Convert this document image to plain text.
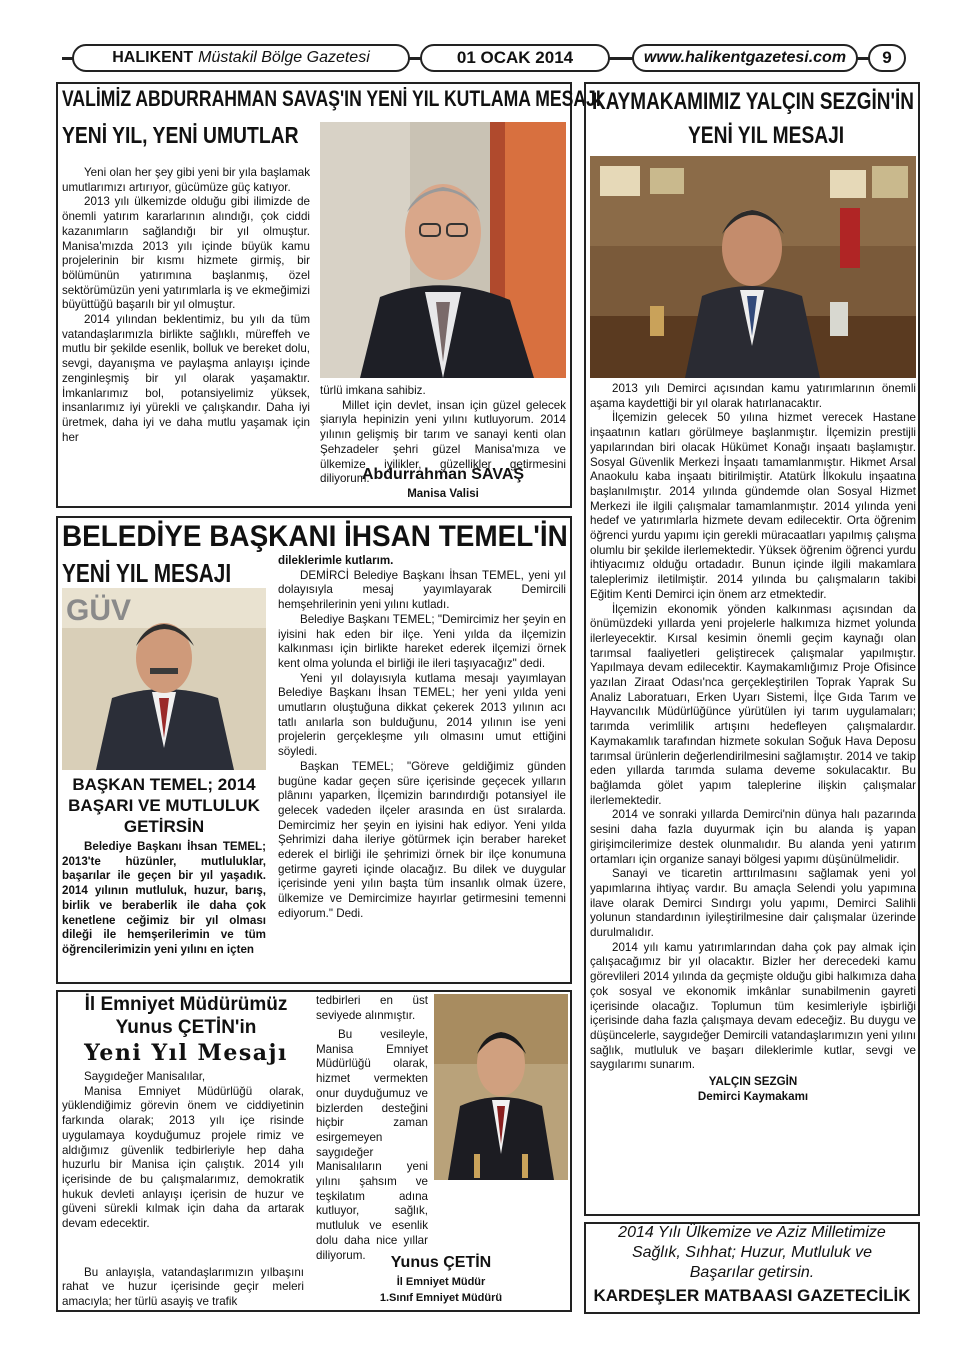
HALIKENT Müstakil Bölge Gazetesi	01 OCAK 2014	www.halikentgazetesi.com	9
VALİMİZ ABDURRAHMAN SAVAŞ'IN YENİ YIL KUTLAMA MESAJI
YENİ YIL, YENİ UMUTLAR
Yeni olan her şey gibi yeni bir yıla başlamak umutlarımızı artırıyor, gücümüze güç katıyor.
2013 yılı ülkemizde olduğu gibi ilimizde de önemli yatırım kararlarının alındığı, çok ciddi kazanımların sağlandığı bir yıl olmuştur. Manisa'mızda 2013 yılı içinde büyük kamu projelerinin bir kısmı hizmete girmiş, bir bölümünün yatırımına başlanmış, özel sektörümüzün yeni yatırımlarla iş ve ekmeğimizi büyüttüğü başarılı bir yıl olmuştur.
2014 yılından beklentimiz, bu yılı da tüm vatandaşlarımızla birlikte sağlıklı, müreffeh ve mutlu bir şekilde esenlik, bolluk ve bereket dolu, sevgi, dayanışma ve paylaşma anlayışı içinde zenginleşmiş bir yıl olarak yaşamaktır. İmkanlarımız bol, potansiyelimiz yüksek, insanlarımız iyi yürekli ve çalışkandır. Daha iyi üretmek, daha iyi ve daha mutlu yaşamak için her
türlü imkana sahibiz.
Millet için devlet, insan için güzel gelecek şiarıyla hepinizin yeni yılını kutluyorum. 2014 yılının gelişmiş bir tarım ve sanayi kenti olan Şehzadeler şehri güzel Manisa'mıza ve ülkemize iyilikler, güzellikler getirmesini diliyorum.
Abdurrahman SAVAŞ
Manisa Valisi
KAYMAKAMIMIZ YALÇIN SEZGİN'İN
YENİ YIL MESAJI
2013 yılı Demirci açısından kamu yatırımlarının önemli aşama kaydettiği bir yıl olarak hatırlanacaktır.
İlçemizin gelecek 50 yılına hizmet verecek Hastane inşaatının katları görülmeye başlanmıştır. İlçemizin prestijli yapılarından biri olacak Hükümet Konağı inşaatı başlamıştır. Sosyal Güvenlik Merkezi İnşaatı tamamlanmıştır. Hikmet Arsal Anaokulu kaba inşaatı bitirilmiştir. Atatürk İlkokulu inşaatına başlanılmıştır. 2014 yılında gündemde olan Sosyal Hizmet Merkezi ile ilgili çalışmalar tamamlanmıştır. 2014 yılında yeni hedef ve yatırımlarla hizmete devam edilecektir. Orta öğrenim öğrenci yurdu yapımı için gerekli müracaatları yapılmış çalışma olumlu bir şekilde ilerlemektedir. Yüksek öğrenim öğrenci yurdu ihtiyacımız olduğu ortadadır. Bunun içinde ilgili makamlara taleplerimiz iletilmiştir. 2014 yılında bu çalışmaların takibi Eğitim Kenti Demirci için önem arz etmektedir.
İlçemizin ekonomik yönden kalkınması açısından da önümüzdeki yıllarda yeni projelerle halkımıza hizmet yolunda ilerleyecektir. Kırsal kesimin önemli geçim kaynağı olan tarımsal faaliyetleri geliştirecek çalışmalar yapılmıştır. Yapılmaya devam edilecektir. Kaymakamlığımız Proje Ofisince yazılan Ziraat Odası'nca gerçekleştirilen Toprak Yaprak Su Analiz Laboratuarı, Erken Uyarı Sistemi, İlçe Gıda Tarım ve Hayvancılık Müdürlüğünce yürütülen iyi tarım uygulamaları; tarımda verimlilik artışını hedefleyen çalışmalardır. Kaymakamlık tarafından hizmete sokulan Soğuk Hava Deposu tarımsal ürünlerin değerlendirilmesini sağlamıştır. 2014 ve takip eden yıllarda tarımda sulama deveme sokulacaktır. Bu bağlamda gölet yapım taleplerine ilişkin çalışmalar ilerlemektedir.
2014 ve sonraki yıllarda Demirci'nin dünya halı pazarında sesini daha fazla duyurmak için bu alanda iş yapan girişimcilerimize destek olunmalıdır. Bu alanda yeni yatırım ortamları için organize sanayi bölgesi yapımı düşünülmelidir.
Sanayi ve ticaretin arttırılmasını sağlamak yeni yol yapımlarına ihtiyaç vardır. Bu amaçla Selendi yolu yapımına ilave olarak Demirci Sındırgı yolu yapımı, Demirci Salihli yolunun standardının iyileştirilmesine dair çalışmalar üzerinde durulmalıdır.
2014 yılı kamu yatırımlarından daha çok pay almak için çalışacağımız bir yıl olacaktır. Bizler her derecedeki kamu görevlileri 2014 yılında da geçmişte olduğu gibi halkımıza daha çok sosyal ve ekonomik imkânlar sunabilmenin gayreti içerisinde olacağız. Toplumun tüm kesimleriyle işbirliği içerisinde daha fazla çalışmaya devam edeceğiz. Bu duygu ve düşüncelerle, saygıdeğer Demircili vatandaşlarımızın yeni yılını sağlık, mutluluk ve başarı dileklerimle kutlar, sevgi ve saygılarımı sunarım.
YALÇIN SEZGİN
Demirci Kaymakamı
BELEDİYE BAŞKANI İHSAN TEMEL'İN
YENİ YIL MESAJI
GÜV
BAŞKAN TEMEL; 2014 BAŞARI VE MUTLULUK GETİRSİN
Belediye Başkanı İhsan TEMEL; 2013'te hüzünler, mutluluklar, başarılar ile geçen bir yıl yaşadık. 2014 yılının mutluluk, huzur, barış, birlik ve beraberlik ile daha çok kenetlene ceğimiz bir yıl olması dileği ile hemşerilerimin ve tüm öğrencilerimizin yeni yılını en içten
dileklerimle kutlarım.
DEMİRCİ Belediye Başkanı İhsan TEMEL, yeni yıl dolayısıyla mesaj yayımlayarak Demircili hemşehrilerinin yeni yılını kutladı.
Belediye Başkanı TEMEL; "Demircimiz her şeyin en iyisini hak eden bir ilçe. Yeni yılda da ilçemizin kalkınması için birlikte hareket ederek ilçemizi örnek kent olma yolunda el birliği ile ileri taşıyacağız" dedi.
Yeni yıl dolayısıyla kutlama mesajı yayımlayan Belediye Başkanı İhsan TEMEL; her yeni yılda yeni umutların oluştuğuna dikkat çekerek 2013 yılının acı tatlı anılarla son bulduğunu, 2014 yılının ise yeni projelerin gerçekleşme yılı olmasını umut ettiğini söyledi.
Başkan TEMEL; "Göreve geldiğimiz günden bugüne kadar geçen süre içerisinde geçecek yılların plânını yaparken, İlçemizin barındırdığı potansiyel ile gelecek vadeden ilçeler arasında en üst sıralarda. Demircimiz her şeyin en iyisini hak ediyor. Yeni yılda Şehrimizi daha ileriye götürmek için beraber hareket ederek el birliği ile şehrimizi örnek bir ilçe konumuna getirme gayreti içinde olacağız. Bu dilek ve duygular içerisinde yeni yılın başta tüm insanlık olmak üzere, ülkemize ve Demircimize hayırlar getirmesini temenni ediyorum." Dedi.
İl Emniyet Müdürümüz
Yunus ÇETİN'in
Yeni Yıl Mesajı
Saygıdeğer Manisalılar,
Manisa Emniyet Müdürlüğü olarak, yüklendiğimiz görevin önem ve ciddiyetinin farkında olarak; 2013 yılı içe risinde uygulamaya koyduğumuz projele rimiz ve aldığımız güvenlik tedbirleriyle hep daha huzurlu bir Manisa için çalıştık. 2014 yılı içerisinde de bu çalışmalarımız, demokratik hukuk devleti anlayışı içerisin de huzur ve güveni sürekli kılmak için daha da artarak devam edecektir.
Bu anlayışla, vatandaşlarımızın yılbaşını rahat ve huzur içerisinde geçir meleri amacıyla; her türlü asayiş ve trafik
tedbirleri en üst seviyede alınmıştır.
Bu vesileyle, Manisa Emniyet Müdürlüğü olarak, hizmet vermekten onur duyduğumuz ve bizlerden desteğini hiçbir zaman esirgemeyen saygıdeğer Manisalıların yeni yılını şahsım ve teşkilatım adına kutluyor, sağlık, mutluluk ve esenlik dolu daha nice yıllar diliyorum.	Yunus ÇETİN
İl Emniyet Müdür
1.Sınıf Emniyet Müdürü
2014 Yılı Ülkemize ve Aziz Milletimize
Sağlık, Sıhhat; Huzur, Mutluluk ve
Başarılar getirsin.
KARDEŞLER MATBAASI GAZETECİLİK
